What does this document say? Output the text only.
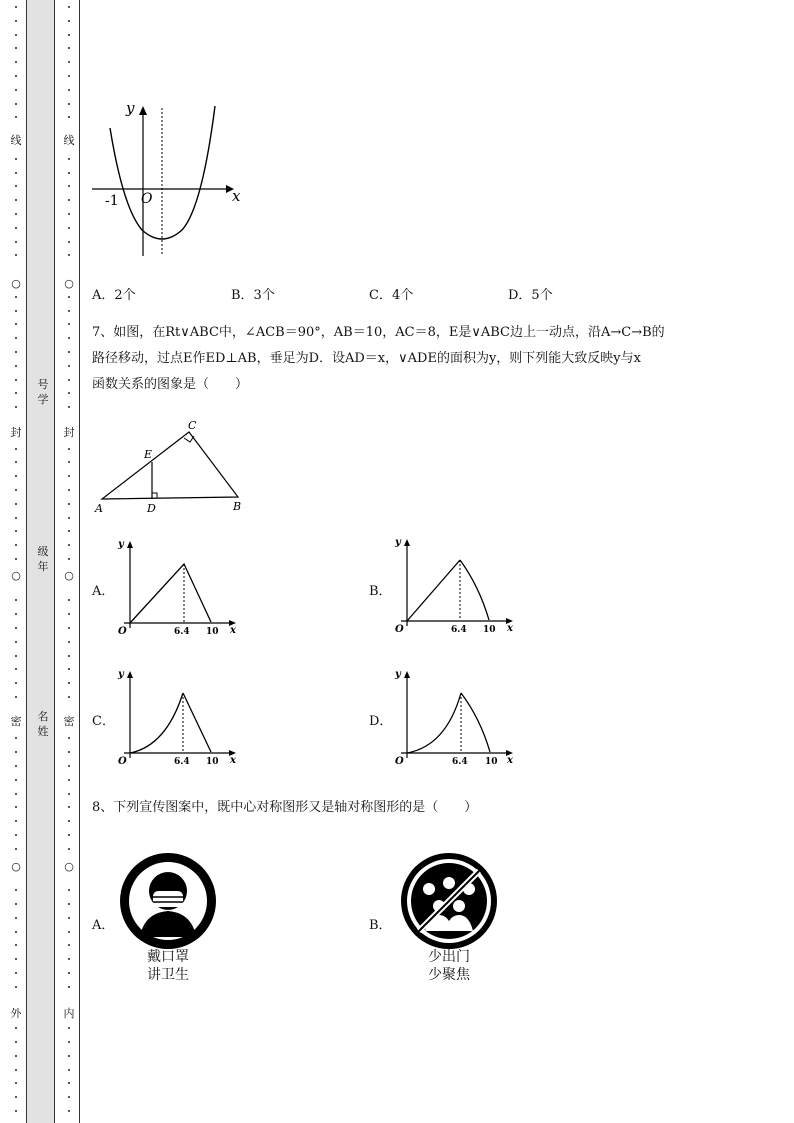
线
○
封
○
密
○
外
线
○
封
○
密
○
内
号学
级年
名姓
y
x
-1 O
A．2个	B．3个	C．4个	D．5个
7、如图，在Rt∨ABC中，∠ACB＝90°，AB＝10，AC＝8，E是∨ABC边上一动点，沿A→C→B的
路径移动，过点E作ED⊥AB，垂足为D．设AD＝x，∨ADE的面积为y，则下列能大致反映y与x
函数关系的图象是（　　）
A	B
C
D
E
A．
y
x
O	6.4 10
B．
y
x
O	6.4 10
C．
y
x
O	6.4 10
D．
y
x
O	6.4 10
8、下列宣传图案中，既中心对称图形又是轴对称图形的是（　　）
A．
戴口罩
讲卫生
B．
少出门
少聚焦
